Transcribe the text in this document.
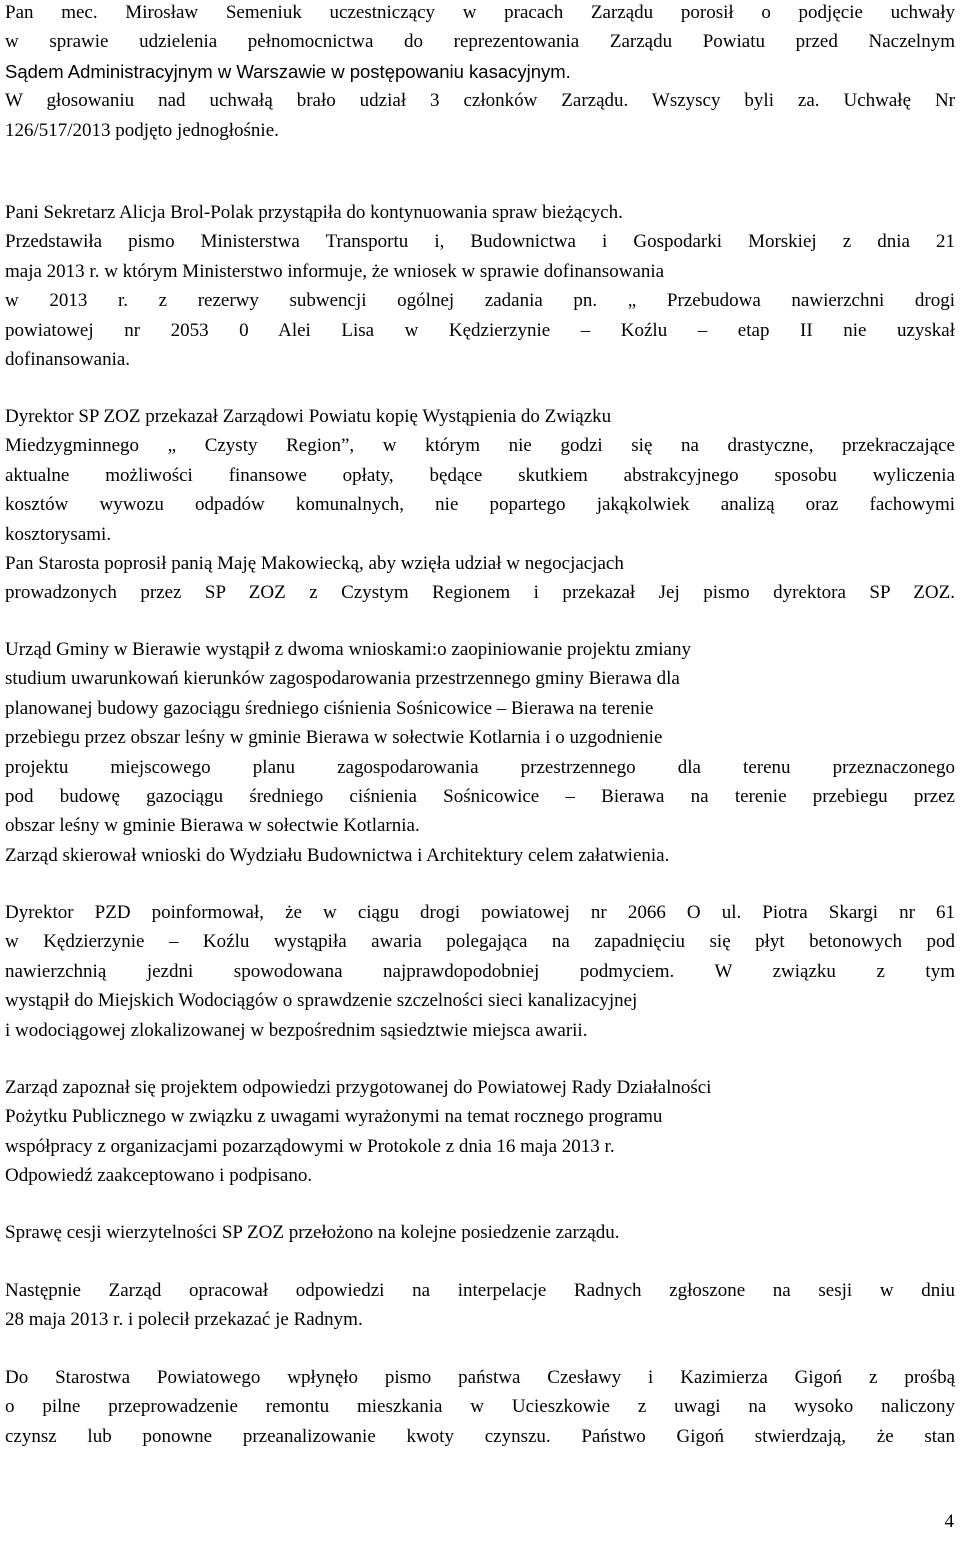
Pan mec. Mirosław Semeniuk uczestniczący w pracach Zarządu porosił o podjęcie uchwały
w sprawie udzielenia pełnomocnictwa do reprezentowania Zarządu Powiatu przed Naczelnym
Sądem Administracyjnym w Warszawie w postępowaniu kasacyjnym.
W głosowaniu nad uchwałą brało udział 3 członków Zarządu. Wszyscy byli za. Uchwałę Nr
126/517/2013 podjęto jednogłośnie.
Pani Sekretarz Alicja Brol-Polak przystąpiła do kontynuowania spraw bieżących.
Przedstawiła pismo Ministerstwa Transportu i, Budownictwa i Gospodarki Morskiej z dnia 21
maja 2013 r. w którym Ministerstwo informuje, że wniosek w sprawie dofinansowania
w 2013 r. z rezerwy subwencji ogólnej zadania pn. „ Przebudowa nawierzchni drogi
powiatowej nr 2053 0 Alei Lisa w Kędzierzynie – Koźlu – etap II nie uzyskał
dofinansowania.
Dyrektor SP ZOZ przekazał Zarządowi Powiatu kopię Wystąpienia do Związku
Miedzygminnego „ Czysty Region”, w którym nie godzi się na drastyczne, przekraczające
aktualne możliwości finansowe opłaty, będące skutkiem abstrakcyjnego sposobu wyliczenia
kosztów wywozu odpadów komunalnych, nie popartego jakąkolwiek analizą oraz fachowymi
kosztorysami.
Pan Starosta poprosił panią Maję Makowiecką, aby wzięła udział w negocjacjach
prowadzonych przez SP ZOZ z Czystym Regionem i przekazał Jej pismo dyrektora SP ZOZ.
Urząd Gminy w Bierawie wystąpił z dwoma wnioskami:o zaopiniowanie projektu zmiany
studium uwarunkowań kierunków zagospodarowania przestrzennego gminy Bierawa dla
planowanej budowy gazociągu średniego ciśnienia Sośnicowice – Bierawa na terenie
przebiegu przez obszar leśny w gminie Bierawa w sołectwie Kotlarnia i o uzgodnienie
projektu miejscowego planu zagospodarowania przestrzennego dla terenu przeznaczonego
pod budowę gazociągu średniego ciśnienia Sośnicowice – Bierawa na terenie przebiegu przez
obszar leśny w gminie Bierawa w sołectwie Kotlarnia.
Zarząd skierował wnioski do Wydziału Budownictwa i Architektury celem załatwienia.
Dyrektor PZD poinformował, że w ciągu drogi powiatowej nr 2066 O ul. Piotra Skargi nr 61
w Kędzierzynie – Koźlu wystąpiła awaria polegająca na zapadnięciu się płyt betonowych pod
nawierzchnią jezdni spowodowana najprawdopodobniej podmyciem. W związku z tym
wystąpił do Miejskich Wodociągów o sprawdzenie szczelności sieci kanalizacyjnej
i wodociągowej zlokalizowanej w bezpośrednim sąsiedztwie miejsca awarii.
Zarząd zapoznał się projektem odpowiedzi przygotowanej do Powiatowej Rady Działalności
Pożytku Publicznego w związku z uwagami wyrażonymi na temat rocznego programu
współpracy z organizacjami pozarządowymi w Protokole z dnia 16 maja 2013 r.
Odpowiedź zaakceptowano i podpisano.
Sprawę cesji wierzytelności SP ZOZ przełożono na kolejne posiedzenie zarządu.
Następnie Zarząd opracował odpowiedzi na interpelacje Radnych zgłoszone na sesji w dniu
28 maja 2013 r. i polecił przekazać je Radnym.
Do Starostwa Powiatowego wpłynęło pismo państwa Czesławy i Kazimierza Gigoń z prośbą
o pilne przeprowadzenie remontu mieszkania w Ucieszkowie z uwagi na wysoko naliczony
czynsz lub ponowne przeanalizowanie kwoty czynszu. Państwo Gigoń stwierdzają, że stan
4
